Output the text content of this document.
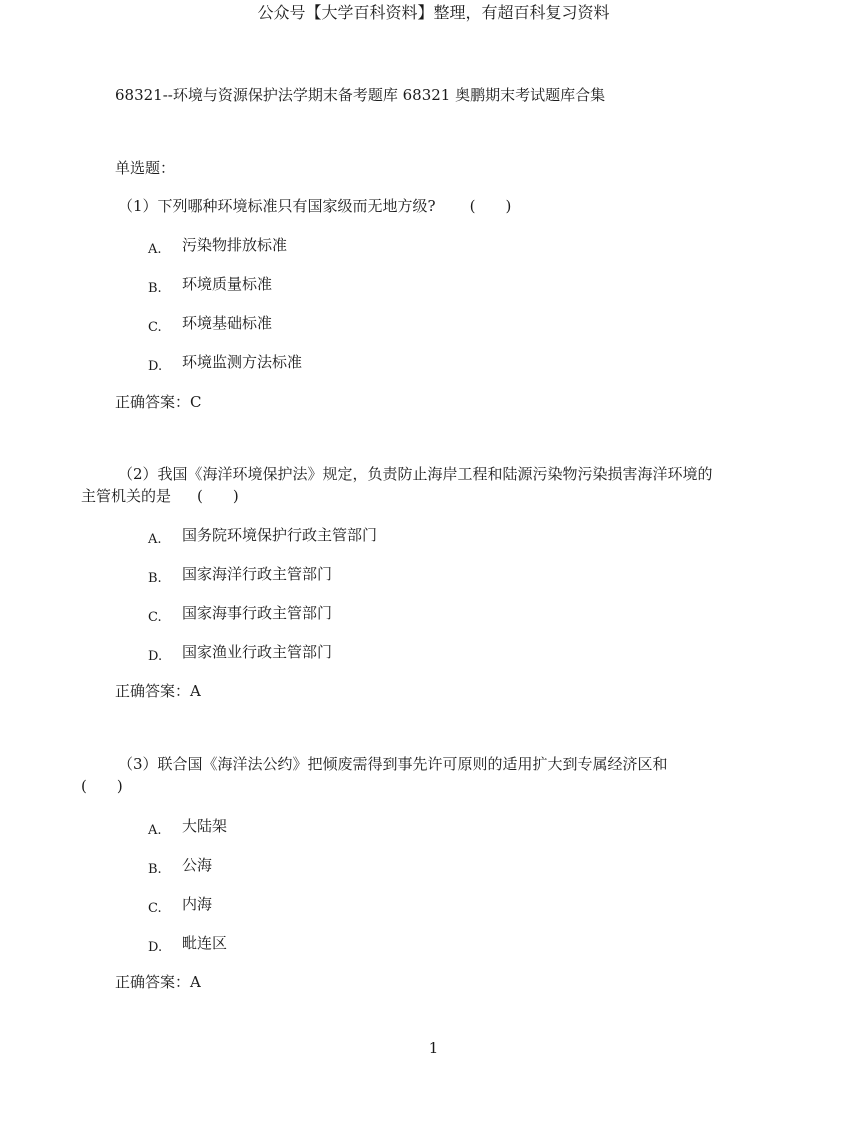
公众号【大学百科资料】整理，有超百科复习资料
68321--环境与资源保护法学期末备考题库 68321 奥鹏期末考试题库合集
单选题：
（1）下列哪种环境标准只有国家级而无地方级? (　　)
A. 污染物排放标准
B. 环境质量标准
C. 环境基础标准
D. 环境监测方法标准
正确答案：C
（2）我国《海洋环境保护法》规定，负责防止海岸工程和陆源污染物污染损害海洋环境的
主管机关的是 (　　)
A. 国务院环境保护行政主管部门
B. 国家海洋行政主管部门
C. 国家海事行政主管部门
D. 国家渔业行政主管部门
正确答案：A
（3）联合国《海洋法公约》把倾废需得到事先许可原则的适用扩大到专属经济区和
(　　)
A. 大陆架
B. 公海
C. 内海
D. 毗连区
正确答案：A
1
